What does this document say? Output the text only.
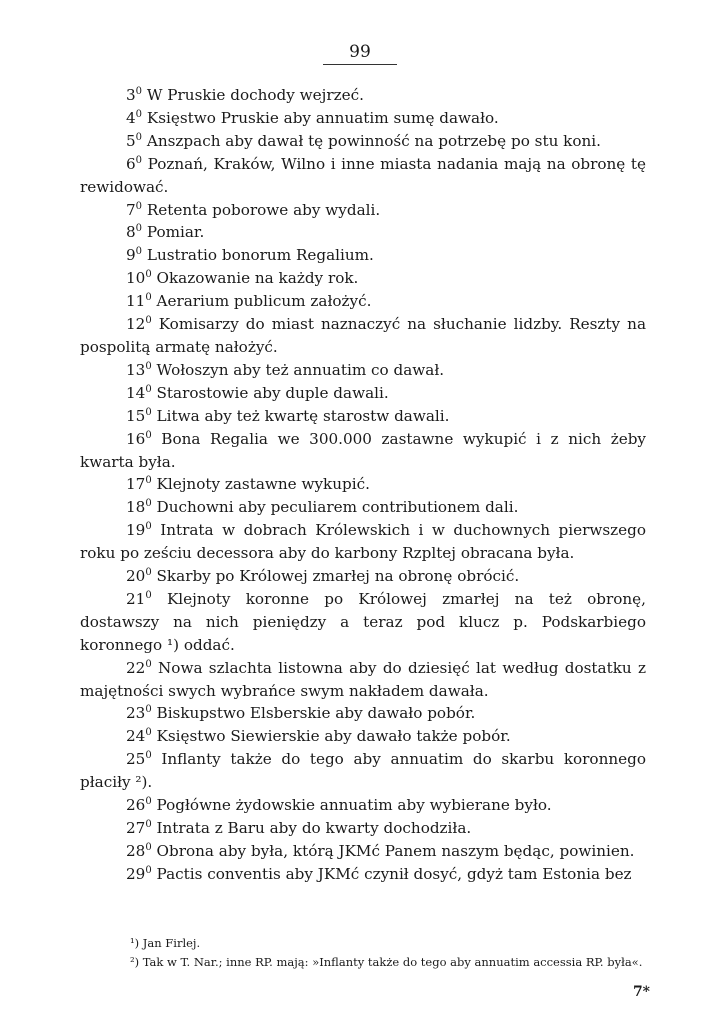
99

$3^0$ W Pruskie dochody wejrzeć.

$4^0$ Księstwo Pruskie aby annuatim sumę dawało.

$5^0$ Anszpach aby dawał tę powinność na potrzebę po stu koni.

$6^0$ Poznań, Kraków, Wilno i inne miasta nadania mają na obronę tę rewidować.

$7^0$ Retenta poborowe aby wydali.

$8^0$ Pomiar.

$9^0$ Lustratio bonorum Regalium.

$10^0$ Okazowanie na każdy rok.

$11^0$ Aerarium publicum założyć.

$12^0$ Komisarzy do miast naznaczyć na słuchanie lidzby. Reszty na pospolitą armatę nałożyć.

$13^0$ Wołoszyn aby też annuatim co dawał.

$14^0$ Starostowie aby duple dawali.

$15^0$ Litwa aby też kwartę starostw dawali.

$16^0$ Bona Regalia we 300.000 zastawne wykupić i z nich żeby kwarta była.

$17^0$ Klejnoty zastawne wykupić.

$18^0$ Duchowni aby peculiarem contributionem dali.

$19^0$ Intrata w dobrach Królewskich i w duchownych pierwszego roku po ześciu decessora aby do karbony Rzpltej obracana była.

$20^0$ Skarby po Królowej zmarłej na obronę obrócić.

$21^0$ Klejnoty koronne po Królowej zmarłej na też obronę, dostawszy na nich pieniędzy a teraz pod klucz p. Podskarbiego koronnego ¹) oddać.

$22^0$ Nowa szlachta listowna aby do dziesięć lat według dostatku z majętności swych wybrańce swym nakładem dawała.

$23^0$ Biskupstwo Elsberskie aby dawało pobór.

$24^0$ Księstwo Siewierskie aby dawało także pobór.

$25^0$ Inflanty także do tego aby annuatim do skarbu koronnego płaciły ²).

$26^0$ Pogłówne żydowskie annuatim aby wybierane było.

$27^0$ Intrata z Baru aby do kwarty dochodziła.

$28^0$ Obrona aby była, którą JKMć Panem naszym będąc, powinien.

$29^0$ Pactis conventis aby JKMć czynił dosyć, gdyż tam Estonia bez

¹) Jan Firlej.

²) Tak w T. Nar.; inne RP. mają: »Inflanty także do tego aby annuatim accessia RP. była«.

7*
